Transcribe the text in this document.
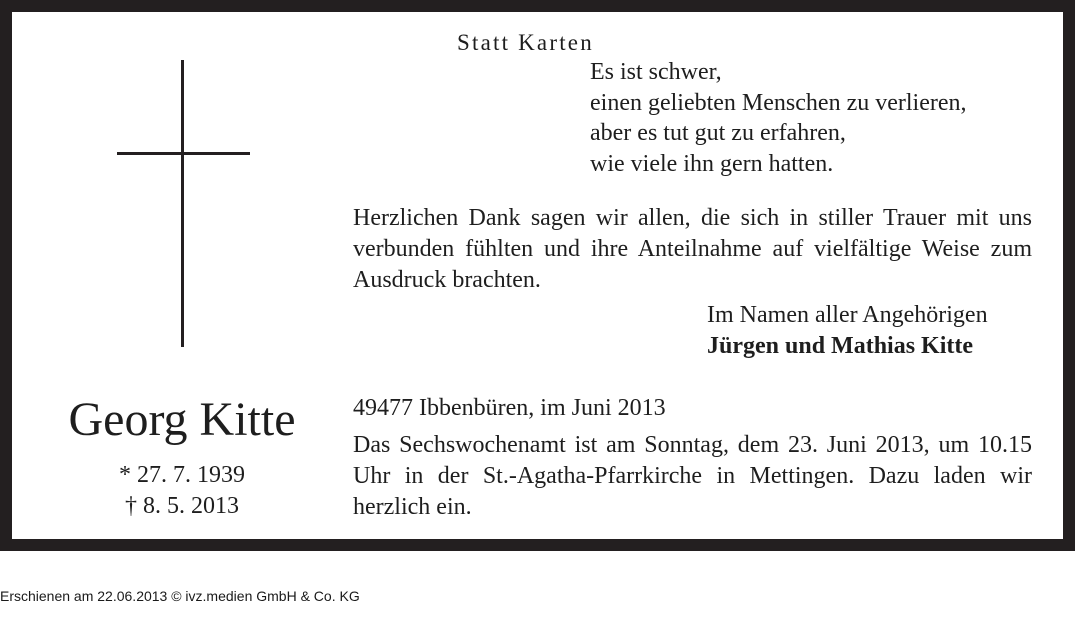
Statt Karten
Es ist schwer,
einen geliebten Menschen zu verlieren,
aber es tut gut zu erfahren,
wie viele ihn gern hatten.
Herzlichen Dank sagen wir allen, die sich in stiller Trauer mit uns verbunden fühlten und ihre Anteilnahme auf vielfältige Weise zum Ausdruck brachten.
Im Namen aller Angehörigen
Jürgen und Mathias Kitte
Georg Kitte
* 27. 7. 1939
† 8. 5. 2013
49477 Ibbenbüren, im Juni 2013
Das Sechswochenamt ist am Sonntag, dem 23. Juni 2013, um 10.15 Uhr in der St.-Agatha-Pfarrkirche in Mettingen. Dazu laden wir herzlich ein.
Erschienen am 22.06.2013 © ivz.medien GmbH & Co. KG
